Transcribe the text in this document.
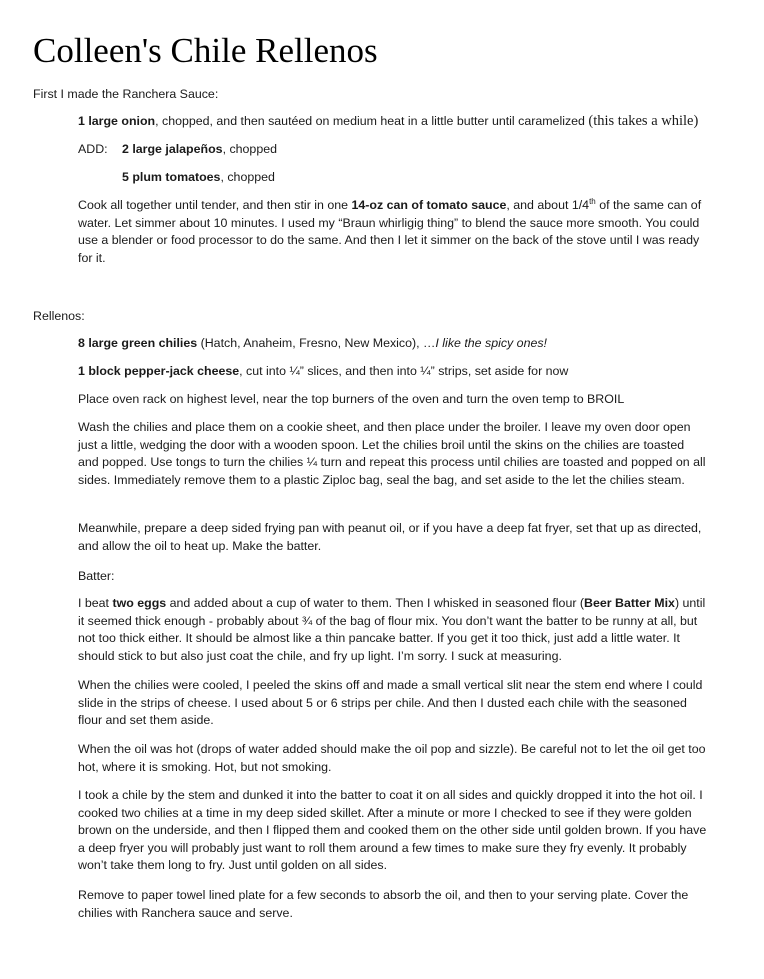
Colleen's Chile Rellenos

First I made the Ranchera Sauce:

1 large onion, chopped, and then sautéed on medium heat in a little butter until caramelized (this takes a while)

ADD: 2 large jalapeños, chopped

5 plum tomatoes, chopped

Cook all together until tender, and then stir in one 14-oz can of tomato sauce, and about 1/4th of the same can of water. Let simmer about 10 minutes. I used my “Braun whirligig thing” to blend the sauce more smooth. You could use a blender or food processor to do the same. And then I let it simmer on the back of the stove until I was ready for it.

Rellenos:

8 large green chilies (Hatch, Anaheim, Fresno, New Mexico), …I like the spicy ones!

1 block pepper-jack cheese, cut into ¼” slices, and then into ¼” strips, set aside for now

Place oven rack on highest level, near the top burners of the oven and turn the oven temp to BROIL

Wash the chilies and place them on a cookie sheet, and then place under the broiler. I leave my oven door open just a little, wedging the door with a wooden spoon. Let the chilies broil until the skins on the chilies are toasted and popped. Use tongs to turn the chilies ¼ turn and repeat this process until chilies are toasted and popped on all sides. Immediately remove them to a plastic Ziploc bag, seal the bag, and set aside to the let the chilies steam.

Meanwhile, prepare a deep sided frying pan with peanut oil, or if you have a deep fat fryer, set that up as directed, and allow the oil to heat up. Make the batter.

Batter:

I beat two eggs and added about a cup of water to them. Then I whisked in seasoned flour (Beer Batter Mix) until it seemed thick enough - probably about ¾ of the bag of flour mix. You don’t want the batter to be runny at all, but not too thick either. It should be almost like a thin pancake batter. If you get it too thick, just add a little water. It should stick to but also just coat the chile, and fry up light. I’m sorry. I suck at measuring.

When the chilies were cooled, I peeled the skins off and made a small vertical slit near the stem end where I could slide in the strips of cheese. I used about 5 or 6 strips per chile. And then I dusted each chile with the seasoned flour and set them aside.

When the oil was hot (drops of water added should make the oil pop and sizzle). Be careful not to let the oil get too hot, where it is smoking. Hot, but not smoking.

I took a chile by the stem and dunked it into the batter to coat it on all sides and quickly dropped it into the hot oil. I cooked two chilies at a time in my deep sided skillet. After a minute or more I checked to see if they were golden brown on the underside, and then I flipped them and cooked them on the other side until golden brown. If you have a deep fryer you will probably just want to roll them around a few times to make sure they fry evenly. It probably won’t take them long to fry. Just until golden on all sides.

Remove to paper towel lined plate for a few seconds to absorb the oil, and then to your serving plate. Cover the chilies with Ranchera sauce and serve.
